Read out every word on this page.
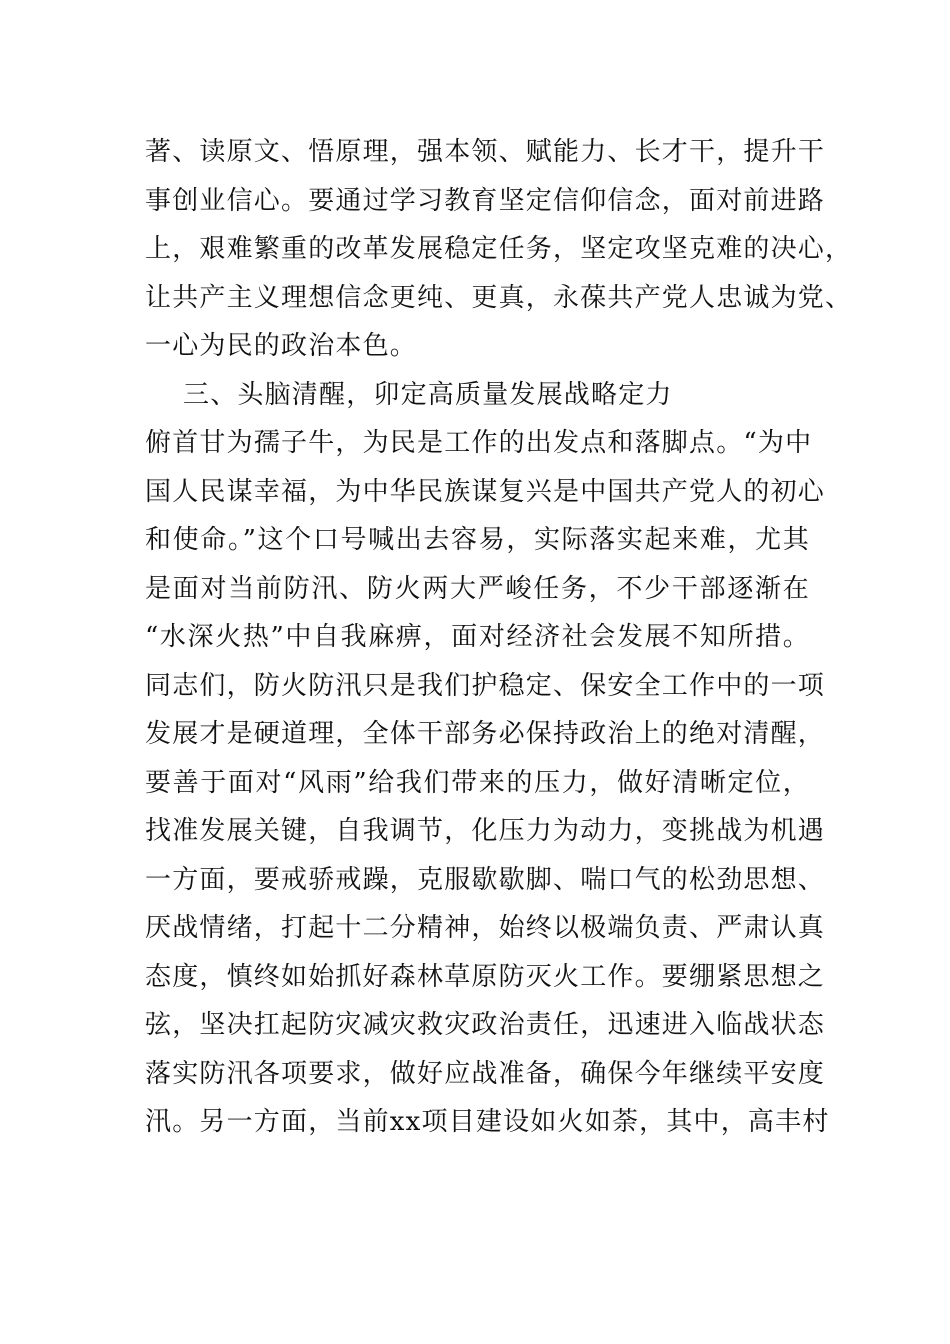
著、读原文、悟原理，强本领、赋能力、长才干，提升干
事创业信心。要通过学习教育坚定信仰信念，面对前进路
上，艰难繁重的改革发展稳定任务，坚定攻坚克难的决心，
让共产主义理想信念更纯、更真，永葆共产党人忠诚为党、
一心为民的政治本色。
三、头脑清醒，卯定高质量发展战略定力
俯首甘为孺子牛，为民是工作的出发点和落脚点。“为中
国人民谋幸福，为中华民族谋复兴是中国共产党人的初心
和使命。”这个口号喊出去容易，实际落实起来难，尤其
是面对当前防汛、防火两大严峻任务，不少干部逐渐在
“水深火热”中自我麻痹，面对经济社会发展不知所措。
同志们，防火防汛只是我们护稳定、保安全工作中的一项
发展才是硬道理，全体干部务必保持政治上的绝对清醒，
要善于面对“风雨”给我们带来的压力，做好清晰定位，
找准发展关键，自我调节，化压力为动力，变挑战为机遇
一方面，要戒骄戒躁，克服歇歇脚、喘口气的松劲思想、
厌战情绪，打起十二分精神，始终以极端负责、严肃认真
态度，慎终如始抓好森林草原防灭火工作。要绷紧思想之
弦，坚决扛起防灾减灾救灾政治责任，迅速进入临战状态
落实防汛各项要求，做好应战准备，确保今年继续平安度
汛。另一方面，当前xx项目建设如火如荼，其中，高丰村
